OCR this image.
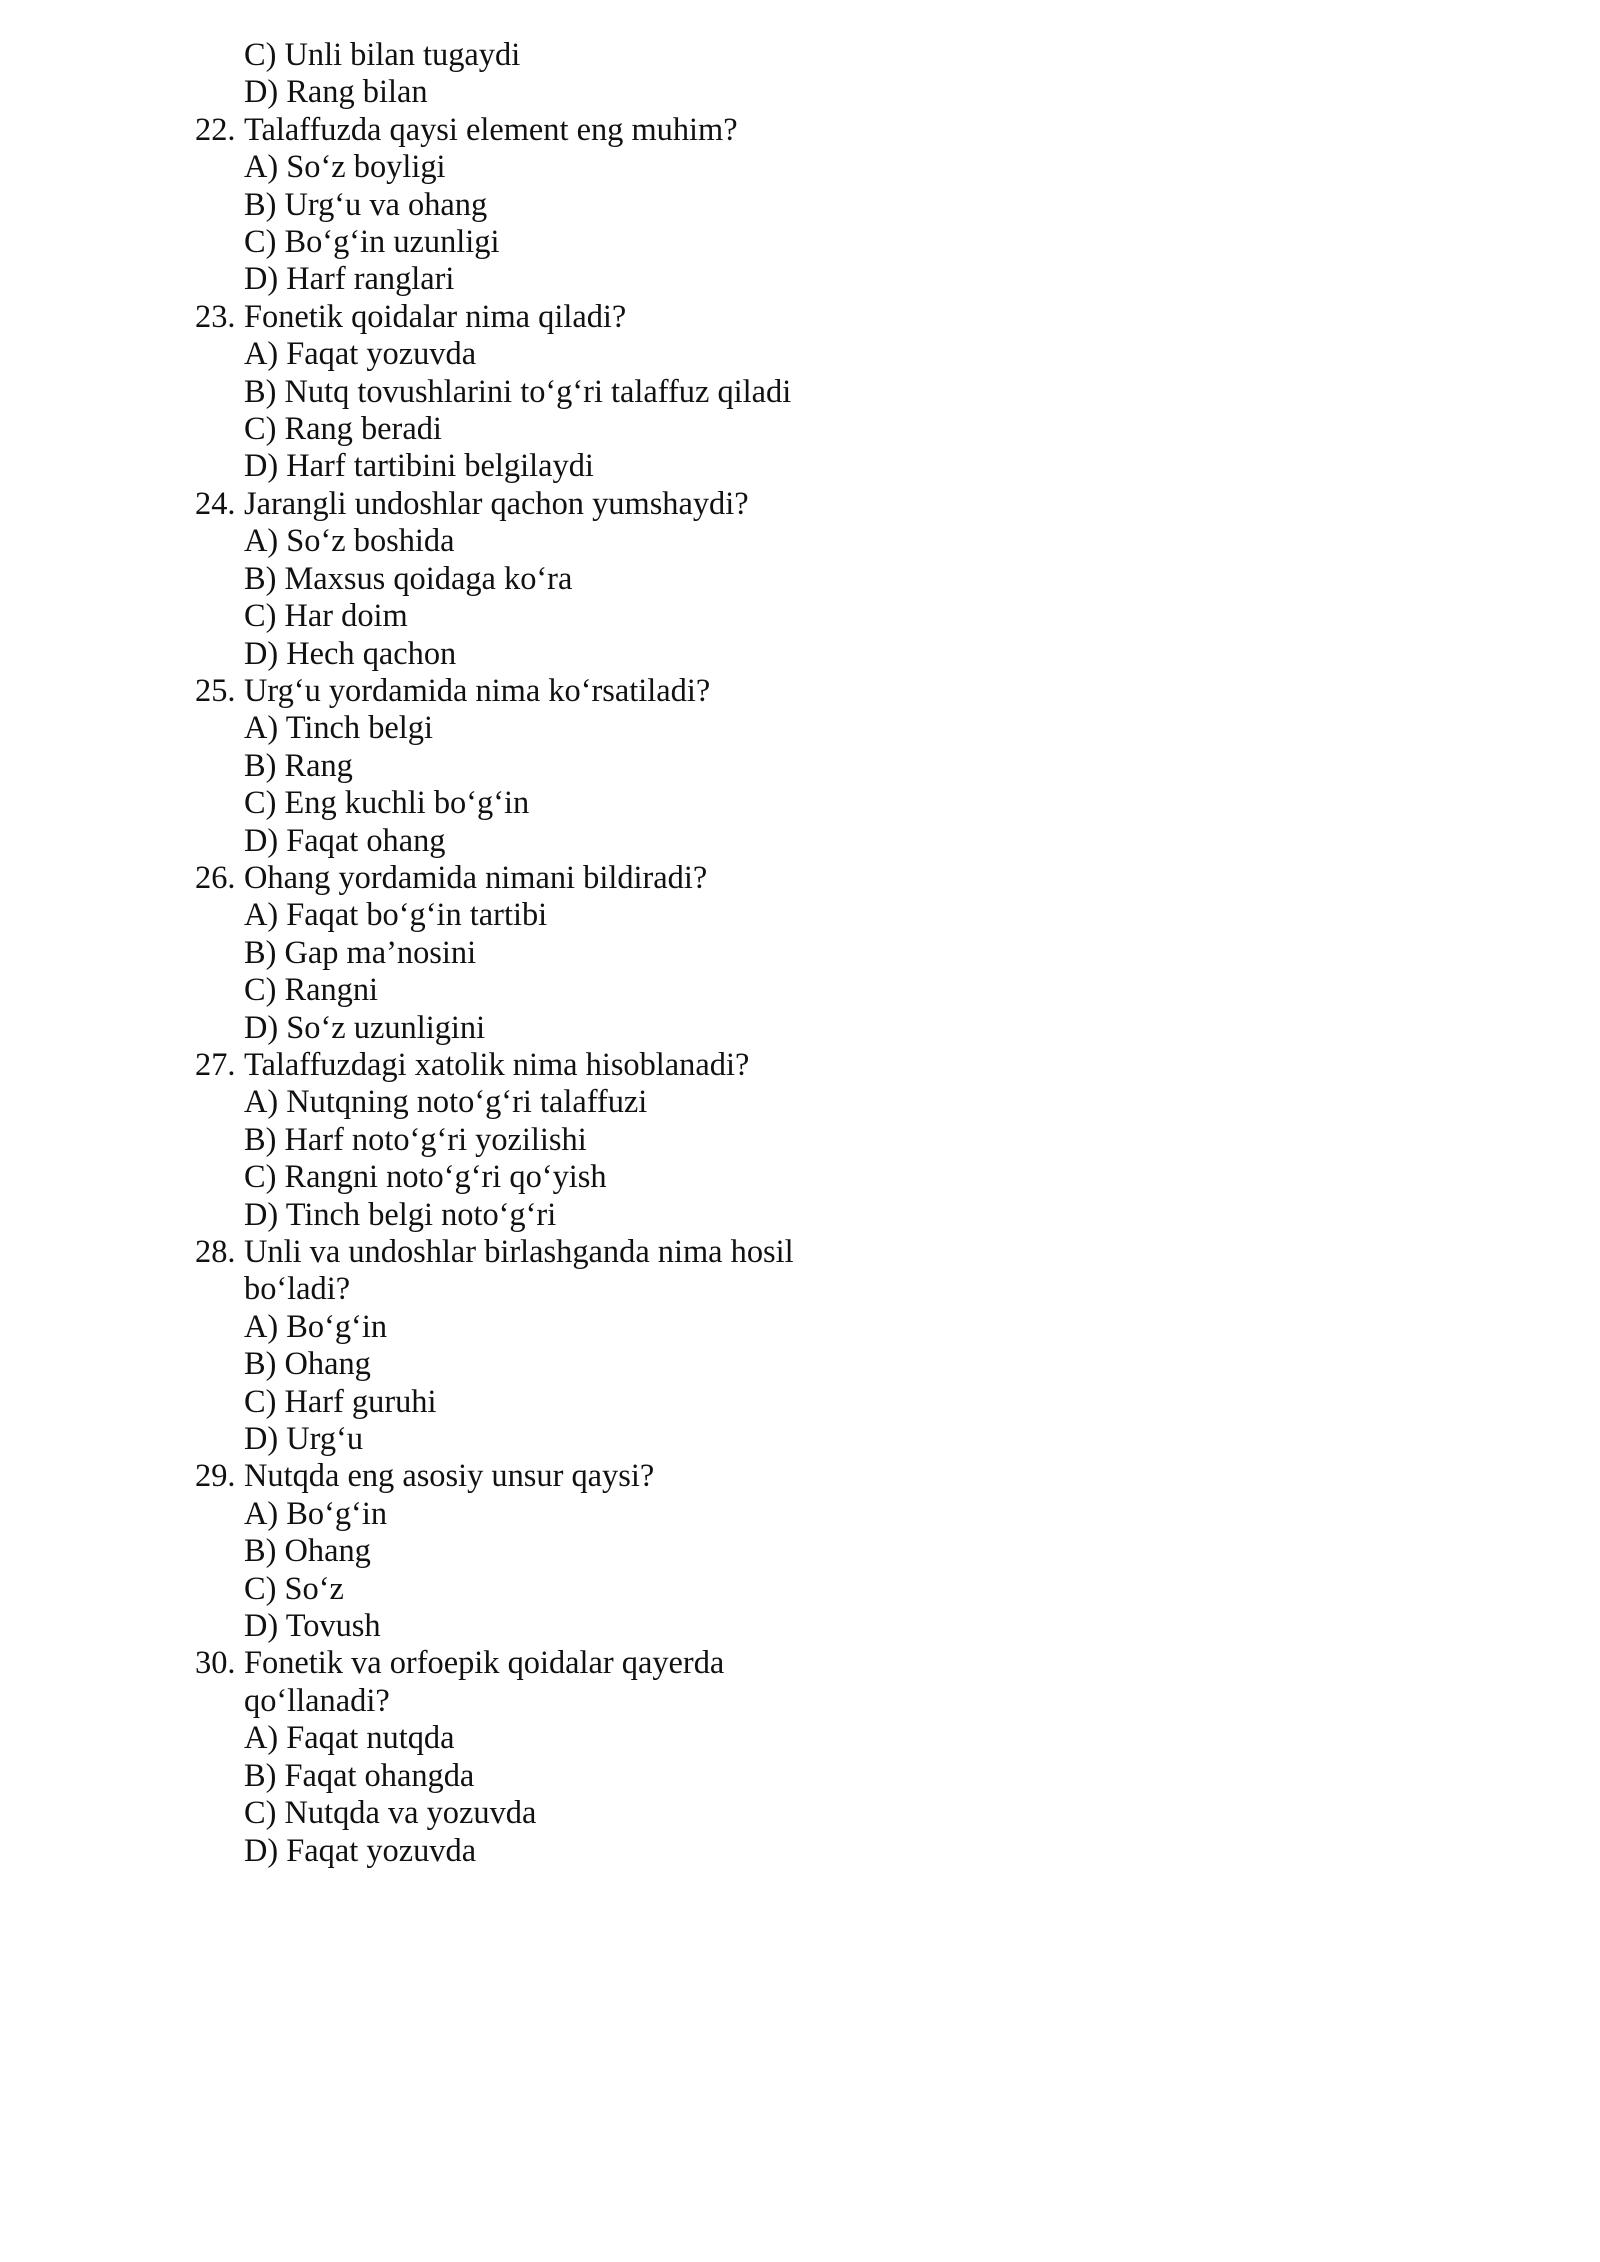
C) Unli bilan tugaydi
D) Rang bilan
22. Talaffuzda qaysi element eng muhim?
A) So‘z boyligi
B) Urg‘u va ohang
C) Bo‘g‘in uzunligi
D) Harf ranglari
23. Fonetik qoidalar nima qiladi?
A) Faqat yozuvda
B) Nutq tovushlarini to‘g‘ri talaffuz qiladi
C) Rang beradi
D) Harf tartibini belgilaydi
24. Jarangli undoshlar qachon yumshaydi?
A) So‘z boshida
B) Maxsus qoidaga ko‘ra
C) Har doim
D) Hech qachon
25. Urg‘u yordamida nima ko‘rsatiladi?
A) Tinch belgi
B) Rang
C) Eng kuchli bo‘g‘in
D) Faqat ohang
26. Ohang yordamida nimani bildiradi?
A) Faqat bo‘g‘in tartibi
B) Gap ma’nosini
C) Rangni
D) So‘z uzunligini
27. Talaffuzdagi xatolik nima hisoblanadi?
A) Nutqning noto‘g‘ri talaffuzi
B) Harf noto‘g‘ri yozilishi
C) Rangni noto‘g‘ri qo‘yish
D) Tinch belgi noto‘g‘ri
28. Unli va undoshlar birlashganda nima hosil bo‘ladi?
A) Bo‘g‘in
B) Ohang
C) Harf guruhi
D) Urg‘u
29. Nutqda eng asosiy unsur qaysi?
A) Bo‘g‘in
B) Ohang
C) So‘z
D) Tovush
30. Fonetik va orfoepik qoidalar qayerda qo‘llanadi?
A) Faqat nutqda
B) Faqat ohangda
C) Nutqda va yozuvda
D) Faqat yozuvda
